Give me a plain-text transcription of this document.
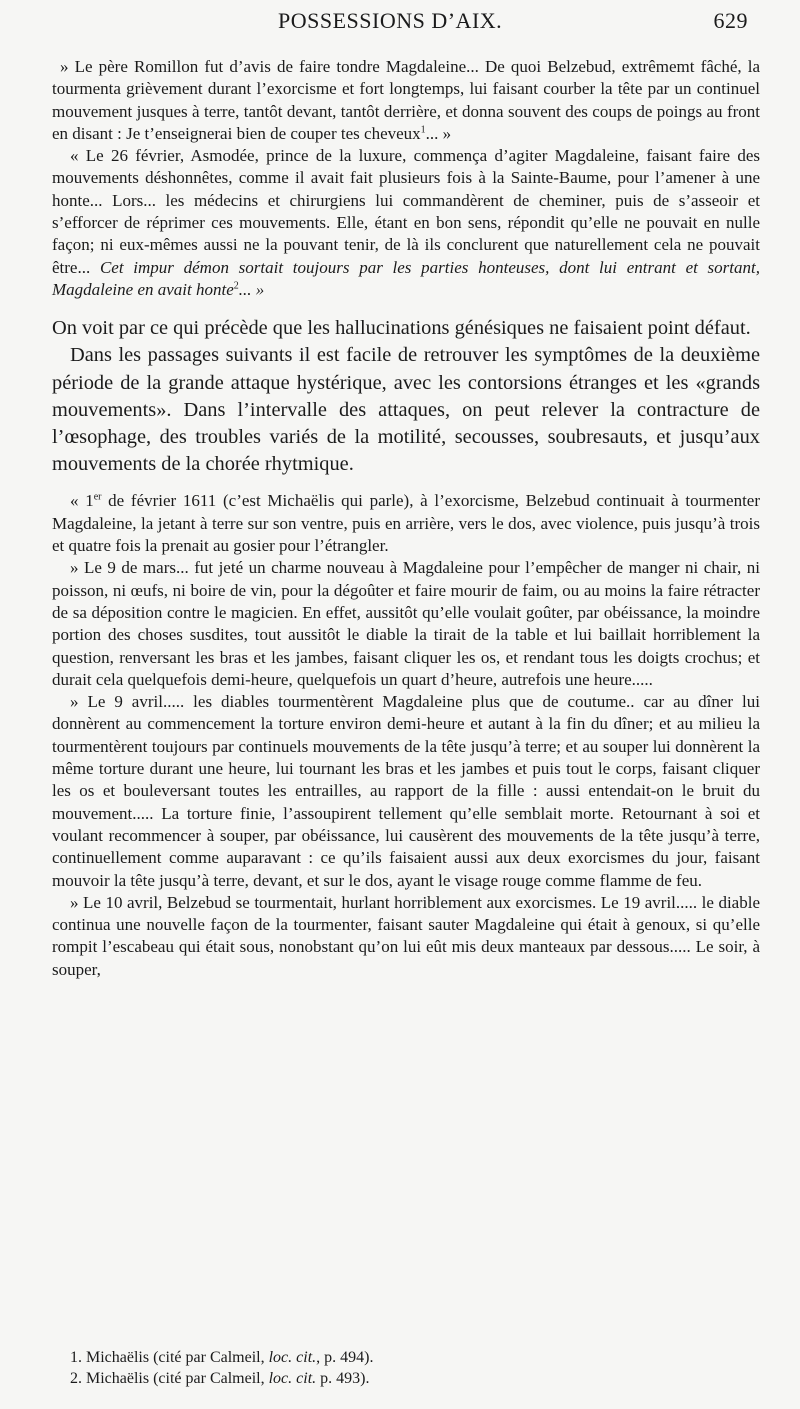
POSSESSIONS D’AIX.	629

» Le père Romillon fut d’avis de faire tondre Magdaleine... De quoi Belzebud, extrêmemt fâché, la tourmenta grièvement durant l’exorcisme et fort longtemps, lui faisant courber la tête par un continuel mouvement jusques à terre, tantôt devant, tantôt derrière, et donna souvent des coups de poings au front en disant : Je t’enseignerai bien de couper tes cheveux$^1$... »

« Le 26 février, Asmodée, prince de la luxure, commença d’agiter Magdaleine, faisant faire des mouvements déshonnêtes, comme il avait fait plusieurs fois à la Sainte-Baume, pour l’amener à une honte... Lors... les médecins et chirurgiens lui commandèrent de cheminer, puis de s’asseoir et s’efforcer de réprimer ces mouvements. Elle, étant en bon sens, répondit qu’elle ne pouvait en nulle façon; ni eux-mêmes aussi ne la pouvant tenir, de là ils conclurent que naturellement cela ne pouvait être... Cet impur démon sortait toujours par les parties honteuses, dont lui entrant et sortant, Magdaleine en avait honte$^2$... »

On voit par ce qui précède que les hallucinations génésiques ne faisaient point défaut.

Dans les passages suivants il est facile de retrouver les symptômes de la deuxième période de la grande attaque hystérique, avec les contorsions étranges et les «grands mouvements». Dans l’intervalle des attaques, on peut relever la contracture de l’œsophage, des troubles variés de la motilité, secousses, soubresauts, et jusqu’aux mouvements de la chorée rhytmique.

« 1er de février 1611 (c’est Michaëlis qui parle), à l’exorcisme, Belzebud continuait à tourmenter Magdaleine, la jetant à terre sur son ventre, puis en arrière, vers le dos, avec violence, puis jusqu’à trois et quatre fois la prenait au gosier pour l’étrangler.

» Le 9 de mars... fut jeté un charme nouveau à Magdaleine pour l’empêcher de manger ni chair, ni poisson, ni œufs, ni boire de vin, pour la dégoûter et faire mourir de faim, ou au moins la faire rétracter de sa déposition contre le magicien. En effet, aussitôt qu’elle voulait goûter, par obéissance, la moindre portion des choses susdites, tout aussitôt le diable la tirait de la table et lui baillait horriblement la question, renversant les bras et les jambes, faisant cliquer les os, et rendant tous les doigts crochus; et durait cela quelquefois demi-heure, quelquefois un quart d’heure, autrefois une heure.....

» Le 9 avril..... les diables tourmentèrent Magdaleine plus que de coutume.. car au dîner lui donnèrent au commencement la torture environ demi-heure et autant à la fin du dîner; et au milieu la tourmentèrent toujours par continuels mouvements de la tête jusqu’à terre; et au souper lui donnèrent la même torture durant une heure, lui tournant les bras et les jambes et puis tout le corps, faisant cliquer les os et bouleversant toutes les entrailles, au rapport de la fille : aussi entendait-on le bruit du mouvement..... La torture finie, l’assoupirent tellement qu’elle semblait morte. Retournant à soi et voulant recommencer à souper, par obéissance, lui causèrent des mouvements de la tête jusqu’à terre, continuellement comme auparavant : ce qu’ils faisaient aussi aux deux exorcismes du jour, faisant mouvoir la tête jusqu’à terre, devant, et sur le dos, ayant le visage rouge comme flamme de feu.

» Le 10 avril, Belzebud se tourmentait, hurlant horriblement aux exorcismes. Le 19 avril..... le diable continua une nouvelle façon de la tourmenter, faisant sauter Magdaleine qui était à genoux, si qu’elle rompit l’escabeau qui était sous, nonobstant qu’on lui eût mis deux manteaux par dessous..... Le soir, à souper,

1. Michaëlis (cité par Calmeil, loc. cit., p. 494).

2. Michaëlis (cité par Calmeil, loc. cit. p. 493).
